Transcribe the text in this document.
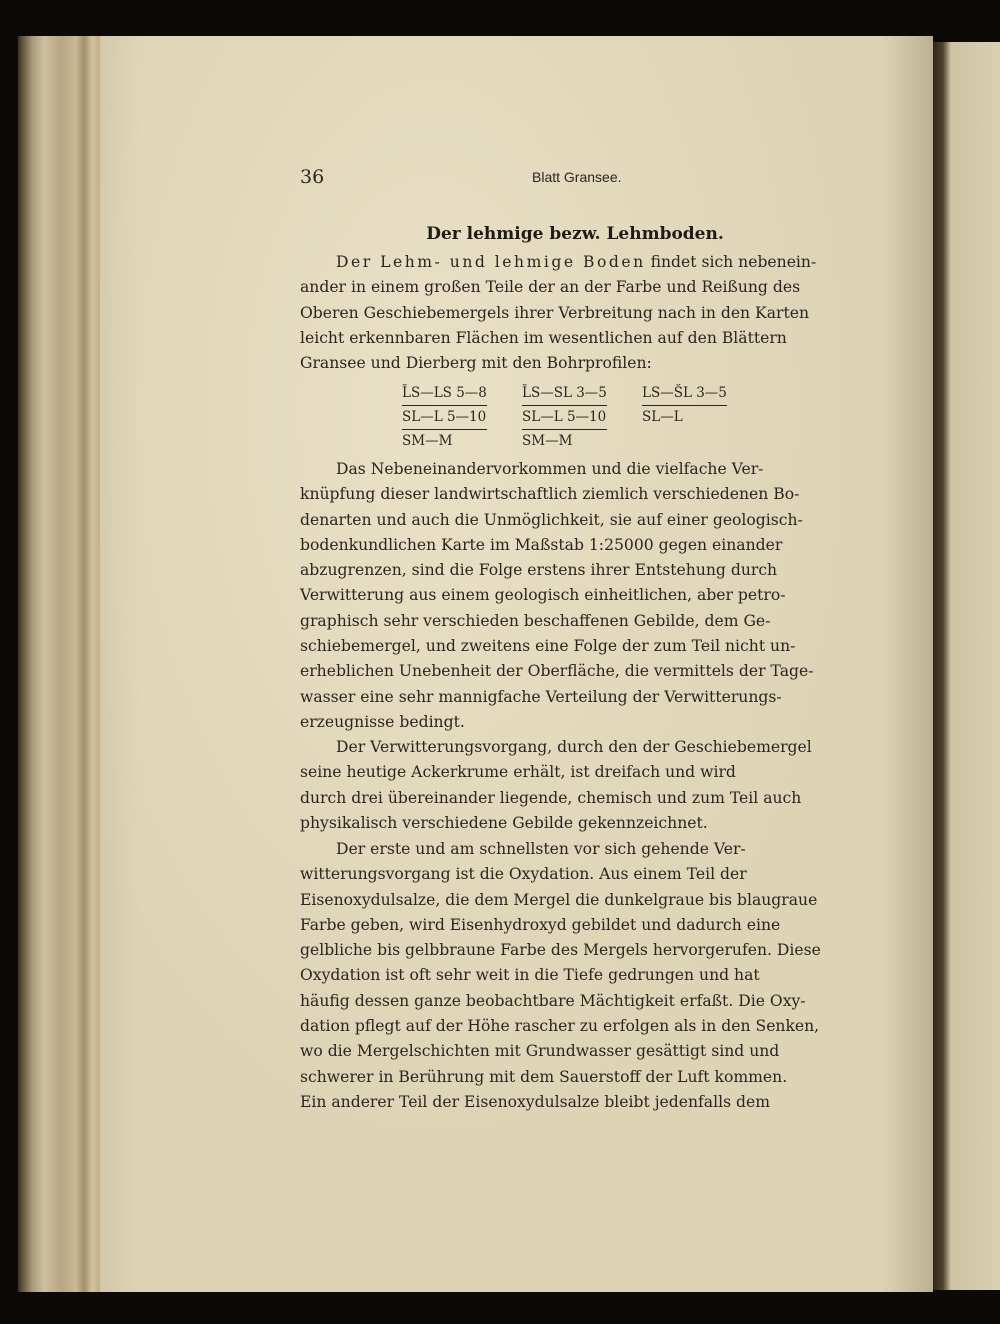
36	Blatt Gransee.
Der lehmige bezw. Lehmboden.
Der Lehm- und lehmige Boden findet sich nebenein-
ander in einem großen Teile der an der Farbe und Reißung des
Oberen Geschiebemergels ihrer Verbreitung nach in den Karten
leicht erkennbaren Flächen im wesentlichen auf den Blättern
Gransee und Dierberg mit den Bohrprofilen:
L̆S—LS 5—8
SL—L 5—10
SM—M
L̆S—SL 3—5
SL—L 5—10
SM—M
LS—S̆L 3—5
SL—L
Das Nebeneinandervorkommen und die vielfache Ver-
knüpfung dieser landwirtschaftlich ziemlich verschiedenen Bo-
denarten und auch die Unmöglichkeit, sie auf einer geologisch-
bodenkundlichen Karte im Maßstab 1:25000 gegen einander
abzugrenzen, sind die Folge erstens ihrer Entstehung durch
Verwitterung aus einem geologisch einheitlichen, aber petro-
graphisch sehr verschieden beschaffenen Gebilde, dem Ge-
schiebemergel, und zweitens eine Folge der zum Teil nicht un-
erheblichen Unebenheit der Oberfläche, die vermittels der Tage-
wasser eine sehr mannigfache Verteilung der Verwitterungs-
erzeugnisse bedingt.
Der Verwitterungsvorgang, durch den der Geschiebemergel
seine heutige Ackerkrume erhält, ist dreifach und wird
durch drei übereinander liegende, chemisch und zum Teil auch
physikalisch verschiedene Gebilde gekennzeichnet.
Der erste und am schnellsten vor sich gehende Ver-
witterungsvorgang ist die Oxydation. Aus einem Teil der
Eisenoxydulsalze, die dem Mergel die dunkelgraue bis blaugraue
Farbe geben, wird Eisenhydroxyd gebildet und dadurch eine
gelbliche bis gelbbraune Farbe des Mergels hervorgerufen. Diese
Oxydation ist oft sehr weit in die Tiefe gedrungen und hat
häufig dessen ganze beobachtbare Mächtigkeit erfaßt. Die Oxy-
dation pflegt auf der Höhe rascher zu erfolgen als in den Senken,
wo die Mergelschichten mit Grundwasser gesättigt sind und
schwerer in Berührung mit dem Sauerstoff der Luft kommen.
Ein anderer Teil der Eisenoxydulsalze bleibt jedenfalls dem
